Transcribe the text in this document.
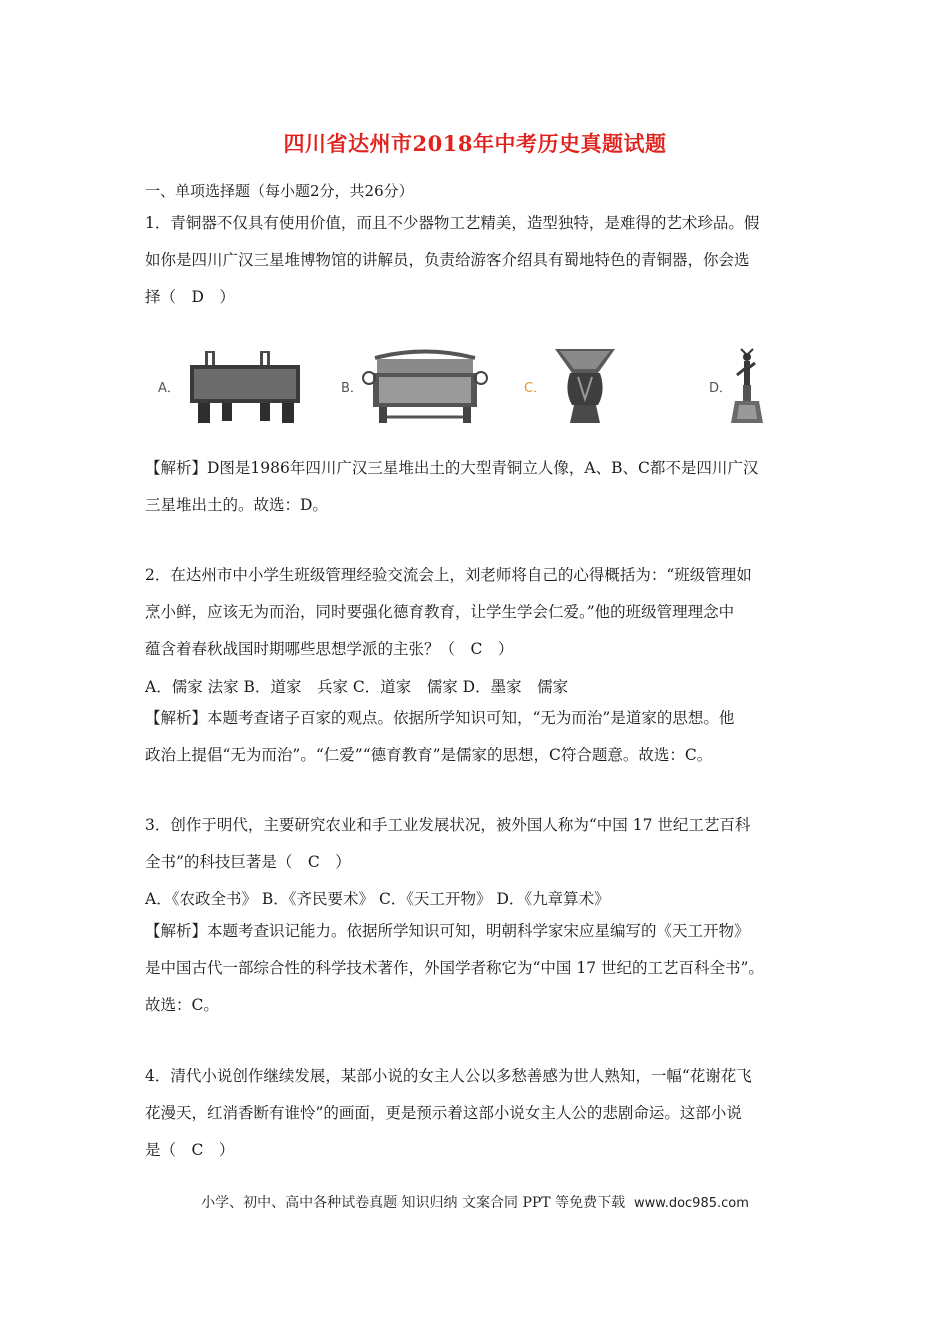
四川省达州市2018年中考历史真题试题
一、单项选择题（每小题2分，共26分）
1．青铜器不仅具有使用价值，而且不少器物工艺精美，造型独特，是难得的艺术珍品。假
如你是四川广汉三星堆博物馆的讲解员，负责给游客介绍具有蜀地特色的青铜器，你会选
择（　D　）
A．	B．	C．	D．
【解析】D图是1986年四川广汉三星堆出土的大型青铜立人像，A、B、C都不是四川广汉
三星堆出土的。故选：D。
2．在达州市中小学生班级管理经验交流会上，刘老师将自己的心得概括为：“班级管理如
烹小鲜，应该无为而治，同时要强化德育教育，让学生学会仁爱。”他的班级管理理念中
蕴含着春秋战国时期哪些思想学派的主张？（　C　）
A．儒家 法家 B．道家　兵家 C．道家　儒家 D．墨家　儒家
【解析】本题考查诸子百家的观点。依据所学知识可知，“无为而治”是道家的思想。他
政治上提倡“无为而治”。“仁爱”“德育教育”是儒家的思想，C符合题意。故选：C。
3．创作于明代，主要研究农业和手工业发展状况，被外国人称为“中国 17 世纪工艺百科
全书”的科技巨著是（　C　）
A．《农政全书》 B．《齐民要术》 C．《天工开物》 D．《九章算术》
【解析】本题考查识记能力。依据所学知识可知，明朝科学家宋应星编写的《天工开物》
是中国古代一部综合性的科学技术著作，外国学者称它为“中国 17 世纪的工艺百科全书”。
故选：C。
4．清代小说创作继续发展，某部小说的女主人公以多愁善感为世人熟知，一幅“花谢花飞
花漫天，红消香断有谁怜”的画面，更是预示着这部小说女主人公的悲剧命运。这部小说
是（　C　）
小学、初中、高中各种试卷真题 知识归纳 文案合同 PPT 等免费下载 www.doc985.com
